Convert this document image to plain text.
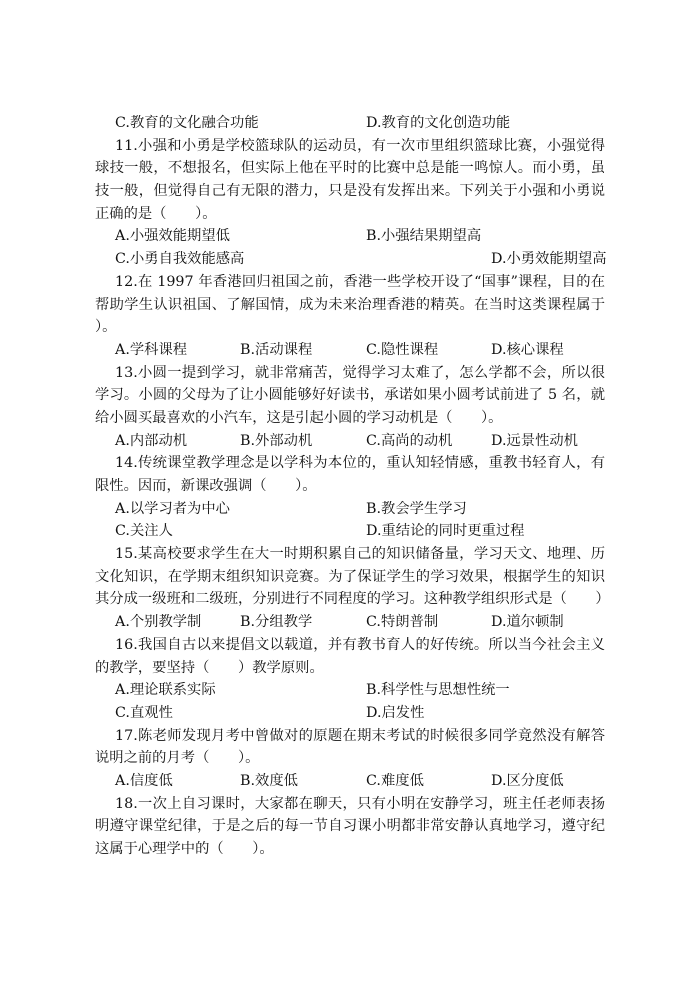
C.教育的文化融合功能	D.教育的文化创造功能
11.小强和小勇是学校篮球队的运动员，有一次市里组织篮球比赛，小强觉得
球技一般，不想报名，但实际上他在平时的比赛中总是能一鸣惊人。而小勇，虽
技一般，但觉得自己有无限的潜力，只是没有发挥出来。下列关于小强和小勇说
正确的是（　　）。
A.小强效能期望低	B.小强结果期望高
C.小勇自我效能感高	D.小勇效能期望高
12.在 1997 年香港回归祖国之前，香港一些学校开设了“国事”课程，目的在
帮助学生认识祖国、了解国情，成为未来治理香港的精英。在当时这类课程属于
）。
A.学科课程	B.活动课程	C.隐性课程	D.核心课程
13.小圆一提到学习，就非常痛苦，觉得学习太难了，怎么学都不会，所以很
学习。小圆的父母为了让小圆能够好好读书，承诺如果小圆考试前进了 5 名，就
给小圆买最喜欢的小汽车，这是引起小圆的学习动机是（　　）。
A.内部动机	B.外部动机	C.高尚的动机	D.远景性动机
14.传统课堂教学理念是以学科为本位的，重认知轻情感，重教书轻育人，有
限性。因而，新课改强调（　　）。
A.以学习者为中心	B.教会学生学习
C.关注人	D.重结论的同时更重过程
15.某高校要求学生在大一时期积累自己的知识储备量，学习天文、地理、历
文化知识，在学期末组织知识竞赛。为了保证学生的学习效果，根据学生的知识
其分成一级班和二级班，分别进行不同程度的学习。这种教学组织形式是（　　）
A.个别教学制	B.分组教学	C.特朗普制	D.道尔顿制
16.我国自古以来提倡文以载道，并有教书育人的好传统。所以当今社会主义
的教学，要坚持（　　）教学原则。
A.理论联系实际	B.科学性与思想性统一
C.直观性	D.启发性
17.陈老师发现月考中曾做对的原题在期末考试的时候很多同学竟然没有解答
说明之前的月考（　　）。
A.信度低	B.效度低	C.难度低	D.区分度低
18.一次上自习课时，大家都在聊天，只有小明在安静学习，班主任老师表扬
明遵守课堂纪律，于是之后的每一节自习课小明都非常安静认真地学习，遵守纪
这属于心理学中的（　　）。
